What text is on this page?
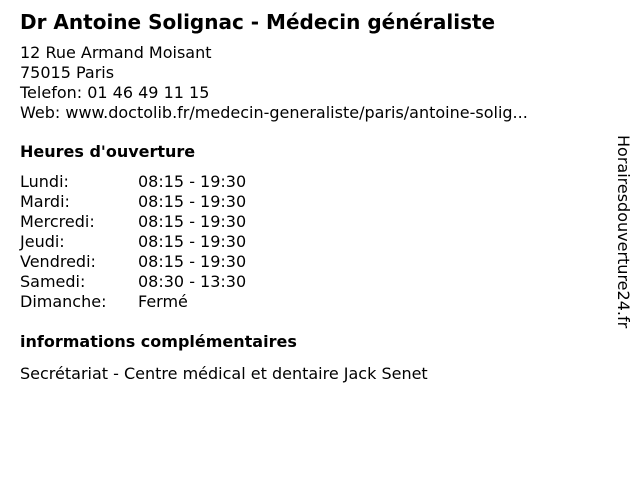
Dr Antoine Solignac - Médecin généraliste
12 Rue Armand Moisant
75015 Paris
Telefon: 01 46 49 11 15
Web: www.doctolib.fr/medecin-generaliste/paris/antoine-solig...
Heures d'ouverture
Lundi:	08:15 - 19:30
Mardi:	08:15 - 19:30
Mercredi:	08:15 - 19:30
Jeudi:	08:15 - 19:30
Vendredi:	08:15 - 19:30
Samedi:	08:30 - 13:30
Dimanche:	Fermé
informations complémentaires
Secrétariat - Centre médical et dentaire Jack Senet
Horairesdouverture24.fr
